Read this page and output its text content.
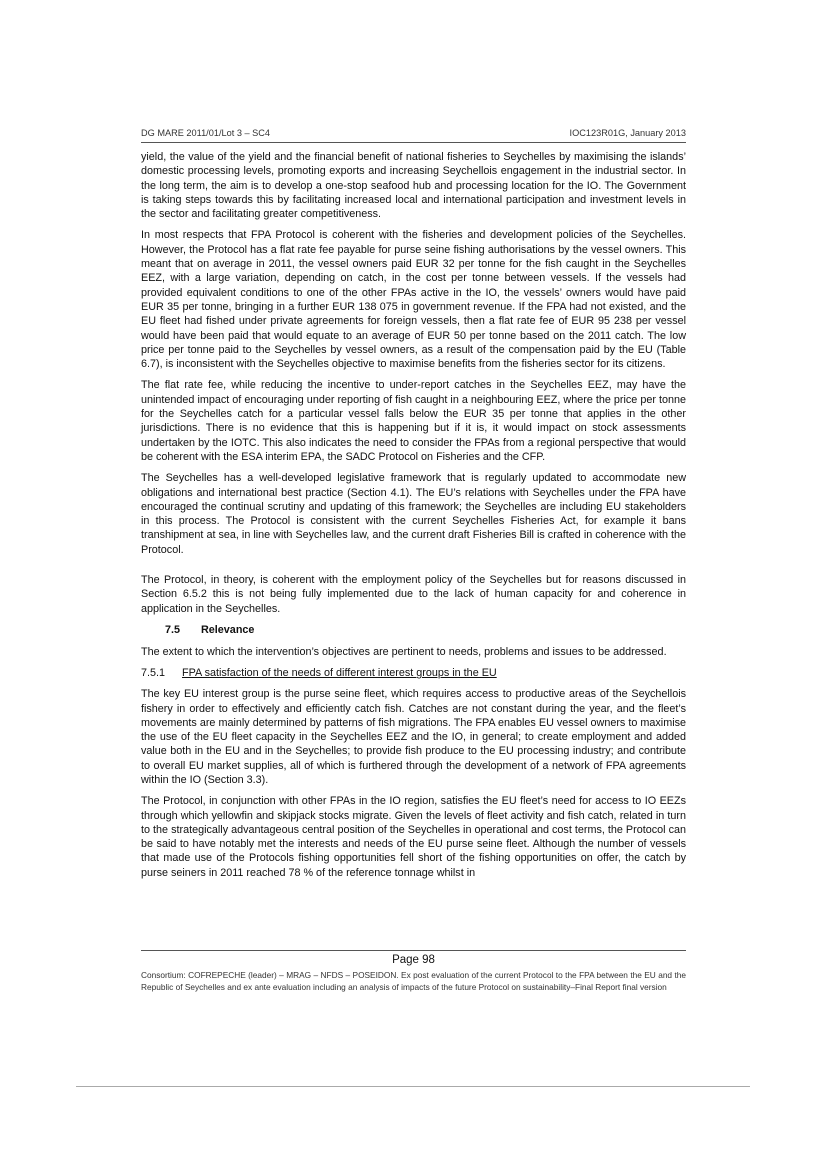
DG MARE 2011/01/Lot 3 – SC4	IOC123R01G, January 2013

yield, the value of the yield and the financial benefit of national fisheries to Seychelles by maximising the islands’ domestic processing levels, promoting exports and increasing Seychellois engagement in the industrial sector. In the long term, the aim is to develop a one-stop seafood hub and processing location for the IO. The Government is taking steps towards this by facilitating increased local and international participation and investment levels in the sector and facilitating greater competitiveness.

In most respects that FPA Protocol is coherent with the fisheries and development policies of the Seychelles. However, the Protocol has a flat rate fee payable for purse seine fishing authorisations by the vessel owners. This meant that on average in 2011, the vessel owners paid EUR 32 per tonne for the fish caught in the Seychelles EEZ, with a large variation, depending on catch, in the cost per tonne between vessels. If the vessels had provided equivalent conditions to one of the other FPAs active in the IO, the vessels’ owners would have paid EUR 35 per tonne, bringing in a further EUR 138 075 in government revenue. If the FPA had not existed, and the EU fleet had fished under private agreements for foreign vessels, then a flat rate fee of EUR 95 238 per vessel would have been paid that would equate to an average of EUR 50 per tonne based on the 2011 catch. The low price per tonne paid to the Seychelles by vessel owners, as a result of the compensation paid by the EU (Table 6.7), is inconsistent with the Seychelles objective to maximise benefits from the fisheries sector for its citizens.

The flat rate fee, while reducing the incentive to under-report catches in the Seychelles EEZ, may have the unintended impact of encouraging under reporting of fish caught in a neighbouring EEZ, where the price per tonne for the Seychelles catch for a particular vessel falls below the EUR 35 per tonne that applies in the other jurisdictions. There is no evidence that this is happening but if it is, it would impact on stock assessments undertaken by the IOTC. This also indicates the need to consider the FPAs from a regional perspective that would be coherent with the ESA interim EPA, the SADC Protocol on Fisheries and the CFP.

The Seychelles has a well-developed legislative framework that is regularly updated to accommodate new obligations and international best practice (Section 4.1). The EU’s relations with Seychelles under the FPA have encouraged the continual scrutiny and updating of this framework; the Seychelles are including EU stakeholders in this process. The Protocol is consistent with the current Seychelles Fisheries Act, for example it bans transhipment at sea, in line with Seychelles law, and the current draft Fisheries Bill is crafted in coherence with the Protocol.

The Protocol, in theory, is coherent with the employment policy of the Seychelles but for reasons discussed in Section 6.5.2 this is not being fully implemented due to the lack of human capacity for and coherence in application in the Seychelles.

7.5 Relevance

The extent to which the intervention’s objectives are pertinent to needs, problems and issues to be addressed.

7.5.1 FPA satisfaction of the needs of different interest groups in the EU

The key EU interest group is the purse seine fleet, which requires access to productive areas of the Seychellois fishery in order to effectively and efficiently catch fish. Catches are not constant during the year, and the fleet’s movements are mainly determined by patterns of fish migrations. The FPA enables EU vessel owners to maximise the use of the EU fleet capacity in the Seychelles EEZ and the IO, in general; to create employment and added value both in the EU and in the Seychelles; to provide fish produce to the EU processing industry; and contribute to overall EU market supplies, all of which is furthered through the development of a network of FPA agreements within the IO (Section 3.3).

The Protocol, in conjunction with other FPAs in the IO region, satisfies the EU fleet’s need for access to IO EEZs through which yellowfin and skipjack stocks migrate. Given the levels of fleet activity and fish catch, related in turn to the strategically advantageous central position of the Seychelles in operational and cost terms, the Protocol can be said to have notably met the interests and needs of the EU purse seine fleet. Although the number of vessels that made use of the Protocols fishing opportunities fell short of the fishing opportunities on offer, the catch by purse seiners in 2011 reached 78 % of the reference tonnage whilst in

Page 98
Consortium: COFREPECHE (leader) – MRAG – NFDS – POSEIDON. Ex post evaluation of the current Protocol to the FPA between the EU and the Republic of Seychelles and ex ante evaluation including an analysis of impacts of the future Protocol on sustainability–Final Report final version
